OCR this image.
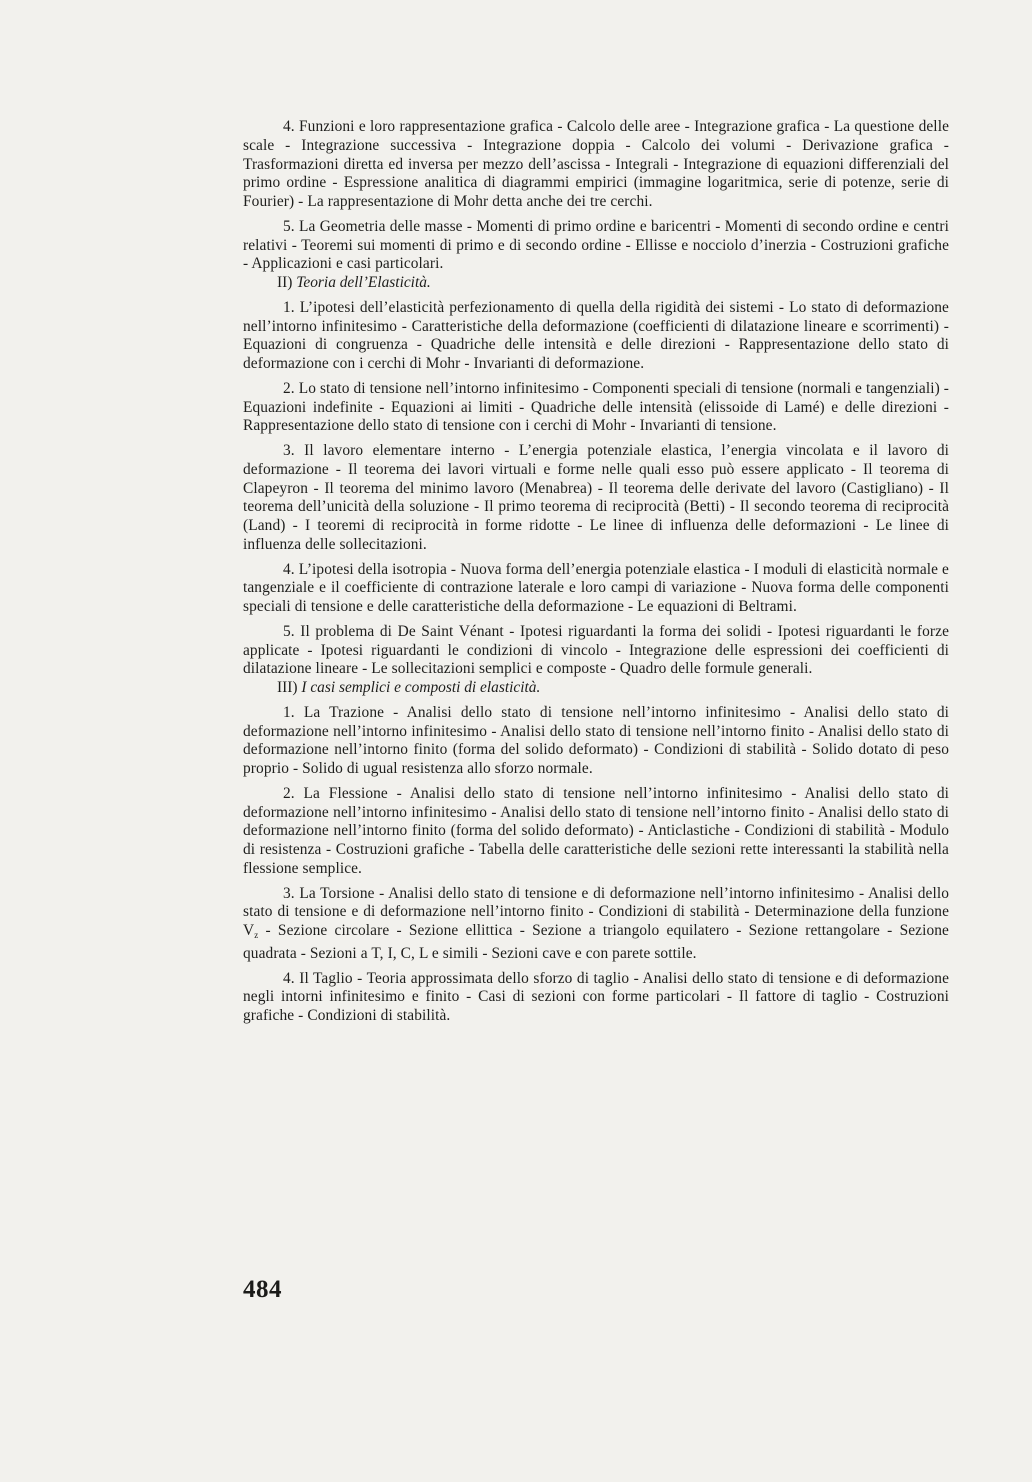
4. Funzioni e loro rappresentazione grafica - Calcolo delle aree - Integrazione grafica - La questione delle scale - Integrazione successiva - Integrazione doppia - Calcolo dei volumi - Derivazione grafica - Trasformazioni diretta ed inversa per mezzo dell’ascissa - Integrali - Integrazione di equazioni differenziali del primo ordine - Espressione analitica di diagrammi empirici (immagine logaritmica, serie di potenze, serie di Fourier) - La rappresentazione di Mohr detta anche dei tre cerchi.

5. La Geometria delle masse - Momenti di primo ordine e baricentri - Momenti di secondo ordine e centri relativi - Teoremi sui momenti di primo e di secondo ordine - Ellisse e nocciolo d’inerzia - Costruzioni grafiche - Applicazioni e casi particolari.

II) Teoria dell’Elasticità.

1. L’ipotesi dell’elasticità perfezionamento di quella della rigidità dei sistemi - Lo stato di deformazione nell’intorno infinitesimo - Caratteristiche della deformazione (coefficienti di dilatazione lineare e scorrimenti) - Equazioni di congruenza - Quadriche delle intensità e delle direzioni - Rappresentazione dello stato di deformazione con i cerchi di Mohr - Invarianti di deformazione.

2. Lo stato di tensione nell’intorno infinitesimo - Componenti speciali di tensione (normali e tangenziali) - Equazioni indefinite - Equazioni ai limiti - Quadriche delle intensità (elissoide di Lamé) e delle direzioni - Rappresentazione dello stato di tensione con i cerchi di Mohr - Invarianti di tensione.

3. Il lavoro elementare interno - L’energia potenziale elastica, l’energia vincolata e il lavoro di deformazione - Il teorema dei lavori virtuali e forme nelle quali esso può essere applicato - Il teorema di Clapeyron - Il teorema del minimo lavoro (Menabrea) - Il teorema delle derivate del lavoro (Castigliano) - Il teorema dell’unicità della soluzione - Il primo teorema di reciprocità (Betti) - Il secondo teorema di reciprocità (Land) - I teoremi di reciprocità in forme ridotte - Le linee di influenza delle deformazioni - Le linee di influenza delle sollecitazioni.

4. L’ipotesi della isotropia - Nuova forma dell’energia potenziale elastica - I moduli di elasticità normale e tangenziale e il coefficiente di contrazione laterale e loro campi di variazione - Nuova forma delle componenti speciali di tensione e delle caratteristiche della deformazione - Le equazioni di Beltrami.

5. Il problema di De Saint Vénant - Ipotesi riguardanti la forma dei solidi - Ipotesi riguardanti le forze applicate - Ipotesi riguardanti le condizioni di vincolo - Integrazione delle espressioni dei coefficienti di dilatazione lineare - Le sollecitazioni semplici e composte - Quadro delle formule generali.

III) I casi semplici e composti di elasticità.

1. La Trazione - Analisi dello stato di tensione nell’intorno infinitesimo - Analisi dello stato di deformazione nell’intorno infinitesimo - Analisi dello stato di tensione nell’intorno finito - Analisi dello stato di deformazione nell’intorno finito (forma del solido deformato) - Condizioni di stabilità - Solido dotato di peso proprio - Solido di ugual resistenza allo sforzo normale.

2. La Flessione - Analisi dello stato di tensione nell’intorno infinitesimo - Analisi dello stato di deformazione nell’intorno infinitesimo - Analisi dello stato di tensione nell’intorno finito - Analisi dello stato di deformazione nell’intorno finito (forma del solido deformato) - Anticlastiche - Condizioni di stabilità - Modulo di resistenza - Costruzioni grafiche - Tabella delle caratteristiche delle sezioni rette interessanti la stabilità nella flessione semplice.

3. La Torsione - Analisi dello stato di tensione e di deformazione nell’intorno infinitesimo - Analisi dello stato di tensione e di deformazione nell’intorno finito - Condizioni di stabilità - Determinazione della funzione $V_z$ - Sezione circolare - Sezione ellittica - Sezione a triangolo equilatero - Sezione rettangolare - Sezione quadrata - Sezioni a T, I, C, L e simili - Sezioni cave e con parete sottile.

4. Il Taglio - Teoria approssimata dello sforzo di taglio - Analisi dello stato di tensione e di deformazione negli intorni infinitesimo e finito - Casi di sezioni con forme particolari - Il fattore di taglio - Costruzioni grafiche - Condizioni di stabilità.

484
